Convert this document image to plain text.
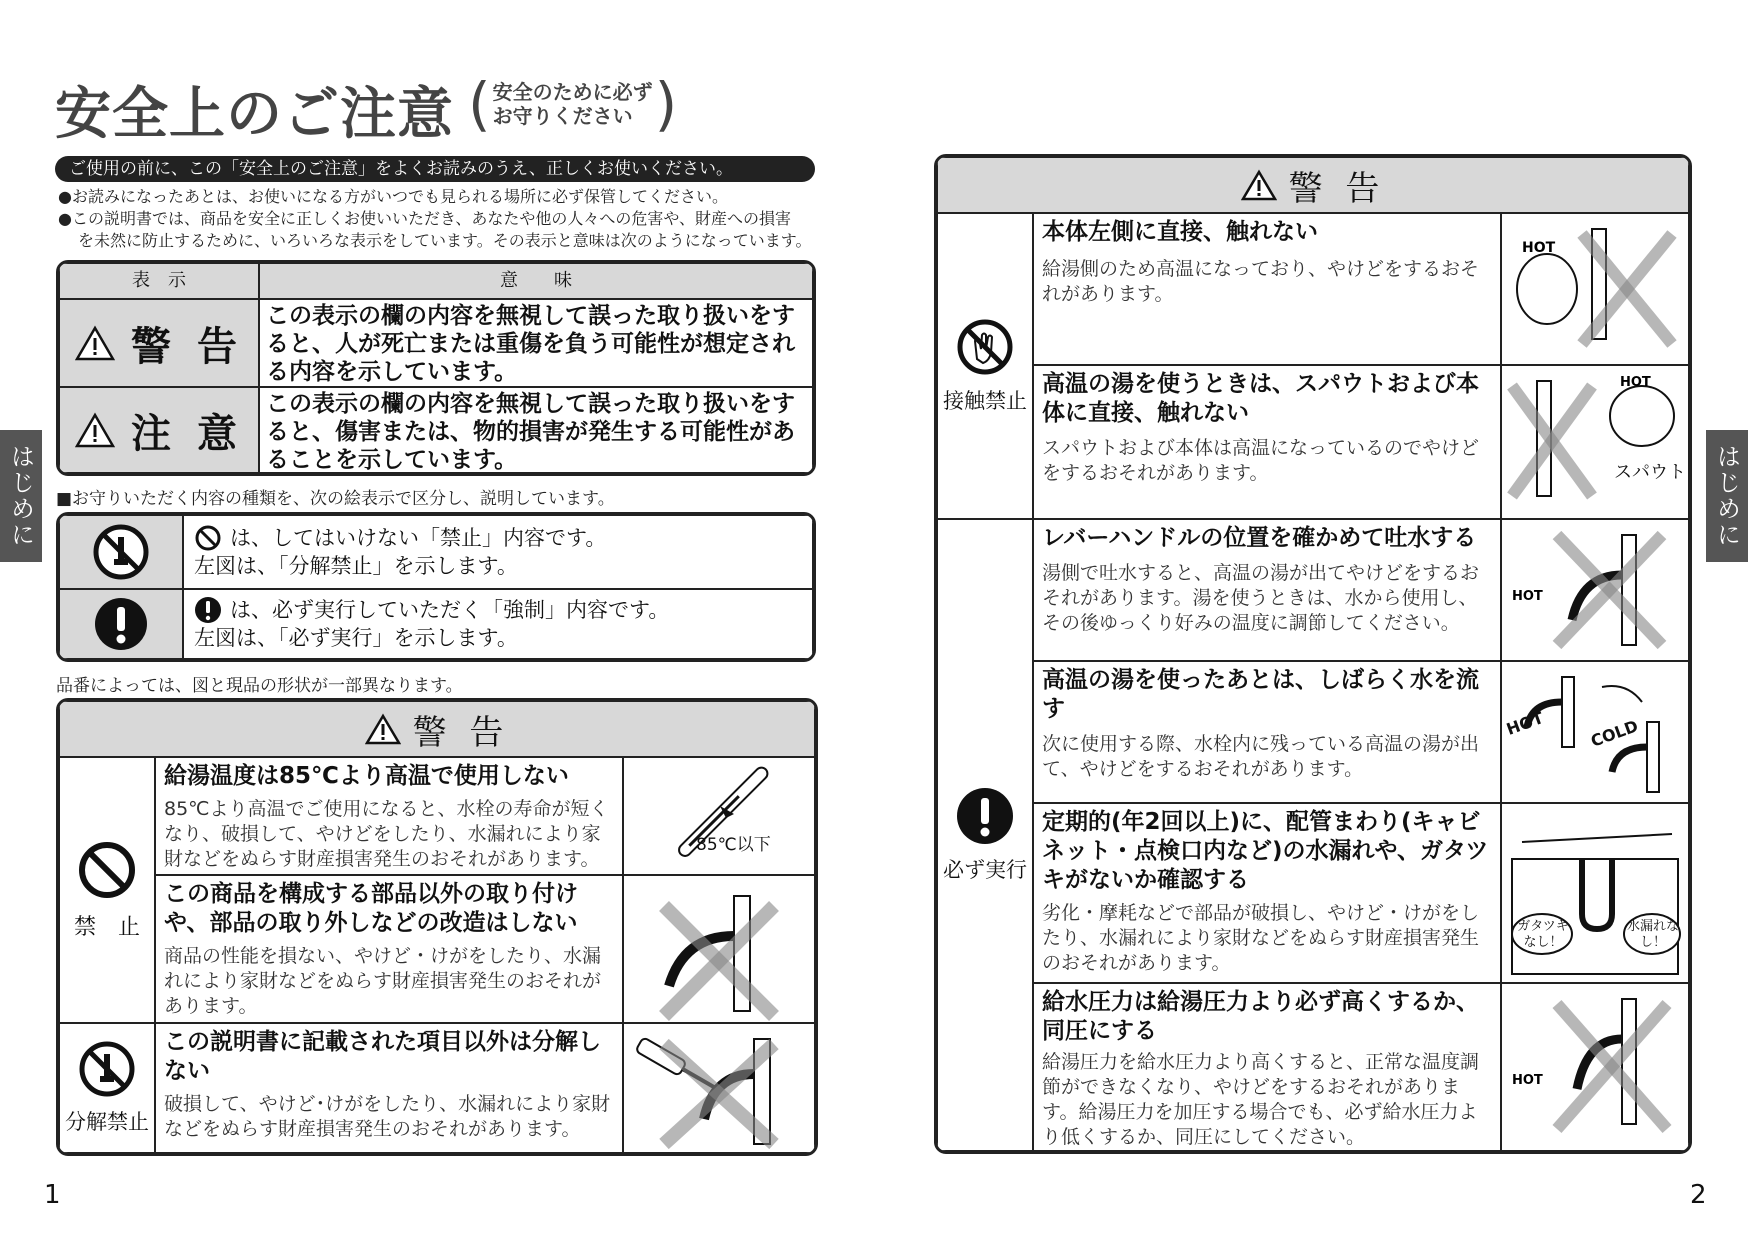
安全上のご注意 ( 安全のために必ず
お守りください )
ご使用の前に、この「安全上のご注意」をよくお読みのうえ、正しくお使いください。
●お読みになったあとは、お使いになる方がいつでも見られる場所に必ず保管してください。
●この説明書では、商品を安全に正しくお使いいただき、あなたや他の人々への危害や、財産への損害
を未然に防止するために、いろいろな表示をしています。その表示と意味は次のようになっています。
表　示	意　　味
警 告
この表示の欄の内容を無視して誤った取り扱いをすると、人が死亡または重傷を負う可能性が想定される内容を示しています。
注 意
この表示の欄の内容を無視して誤った取り扱いをすると、傷害または、物的損害が発生する可能性があることを示しています。
■お守りいただく内容の種類を、次の絵表示で区分し、説明しています。
は、してはいけない「禁止」内容です。
左図は、「分解禁止」を示します。
は、必ず実行していただく「強制」内容です。
左図は、「必ず実行」を示します。
品番によっては、図と現品の形状が一部異なります。
警 告
禁　止
分解禁止
給湯温度は85℃より高温で使用しない
85℃より高温でご使用になると、水栓の寿命が短くなり、破損して、やけどをしたり、水漏れにより家財などをぬらす財産損害発生のおそれがあります。
85℃以下
この商品を構成する部品以外の取り付けや、部品の取り外しなどの改造はしない
商品の性能を損ない、やけど・けがをしたり、水漏れにより家財などをぬらす財産損害発生のおそれがあります。
この説明書に記載された項目以外は分解しない
破損して、やけど･けがをしたり、水漏れにより家財などをぬらす財産損害発生のおそれがあります。
1
はじめに
警 告
接触禁止
必ず実行
本体左側に直接、触れない
給湯側のため高温になっており、やけどをするおそれがあります。
HOT
高温の湯を使うときは、スパウトおよび本体に直接、触れない
スパウトおよび本体は高温になっているのでやけどをするおそれがあります。
HOT
スパウト
レバーハンドルの位置を確かめて吐水する
湯側で吐水すると、高温の湯が出てやけどをするおそれがあります。湯を使うときは、水から使用し、その後ゆっくり好みの温度に調節してください。
HOT
高温の湯を使ったあとは、しばらく水を流す
次に使用する際、水栓内に残っている高温の湯が出て、やけどをするおそれがあります。
HOT	COLD
定期的(年2回以上)に、配管まわり(キャビネット・点検口内など)の水漏れや、ガタツキがないか確認する
劣化・摩耗などで部品が破損し、やけど・けがをしたり、水漏れにより家財などをぬらす財産損害発生のおそれがあります。
ガタツキなし！
水漏れなし！
給水圧力は給湯圧力より必ず高くするか、同圧にする
給湯圧力を給水圧力より高くすると、正常な温度調節ができなくなり、やけどをするおそれがあります。給湯圧力を加圧する場合でも、必ず給水圧力より低くするか、同圧にしてください。
HOT
2
はじめに
